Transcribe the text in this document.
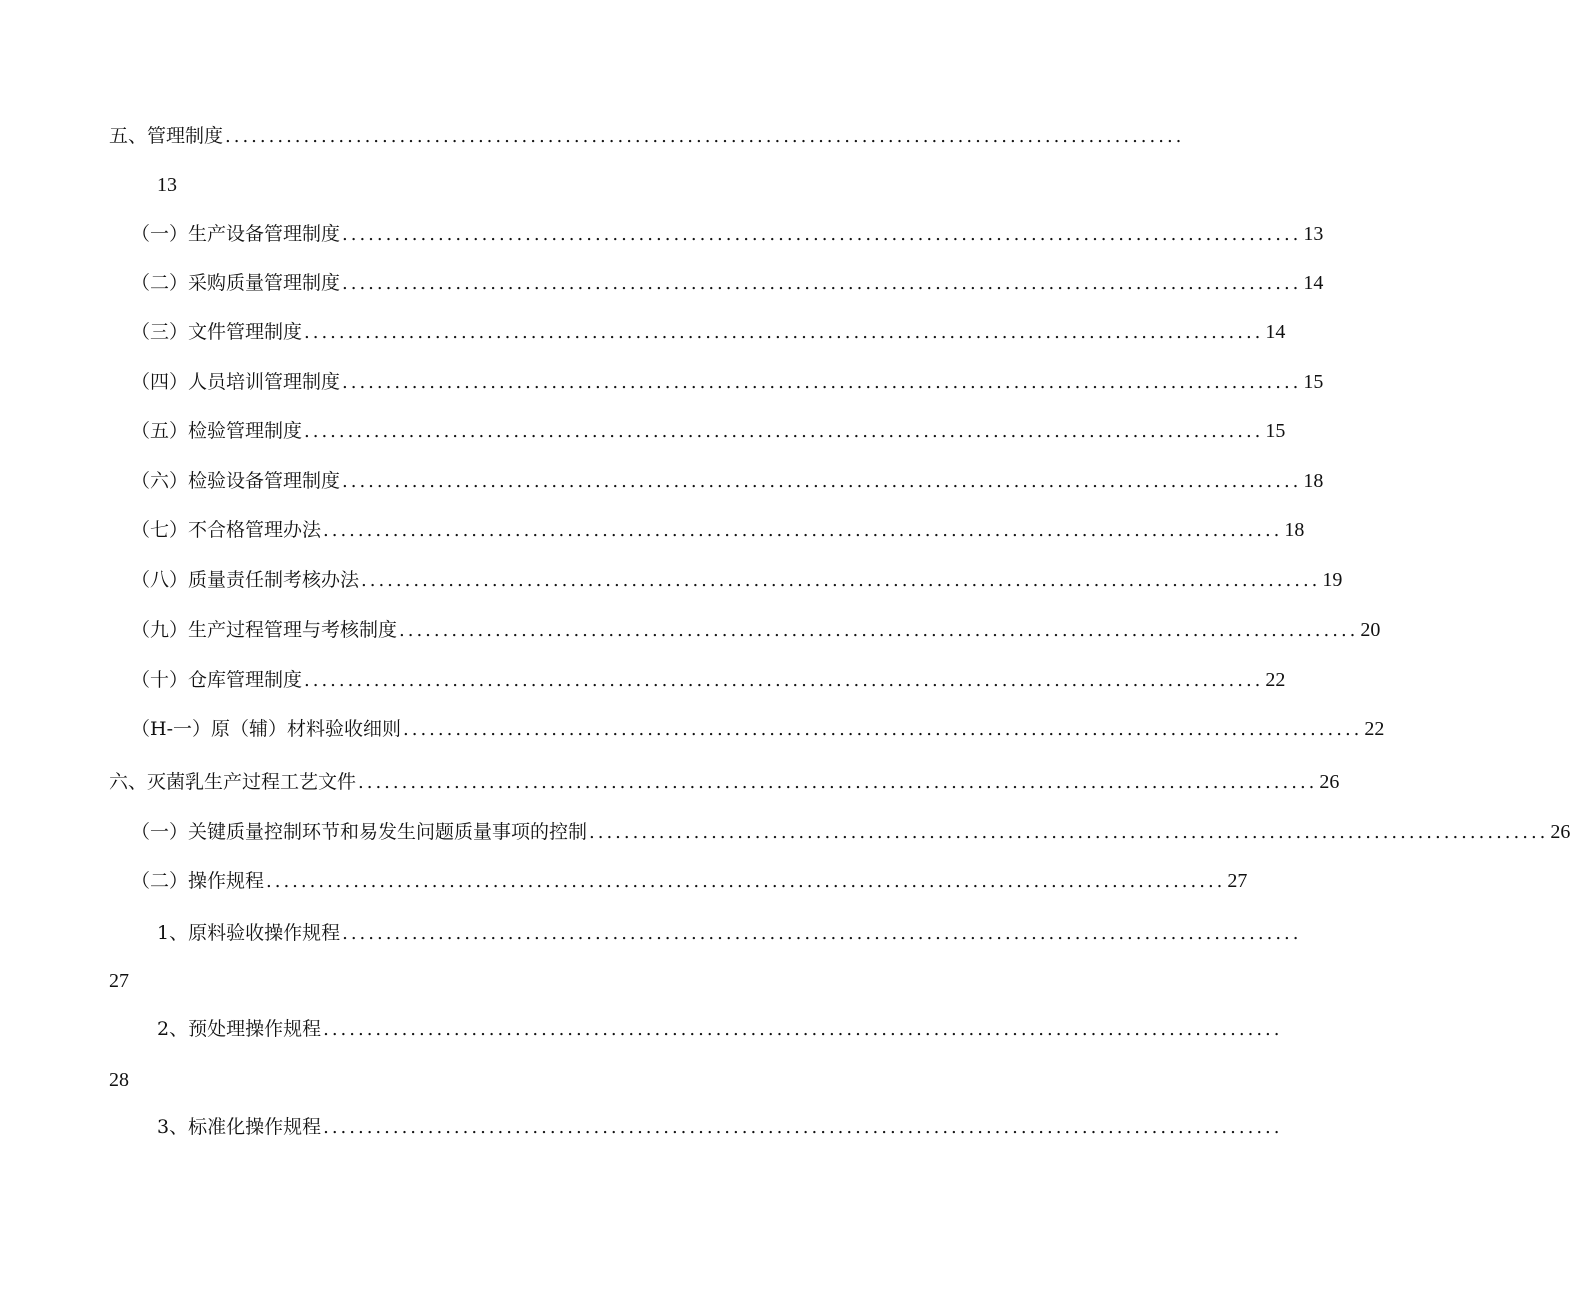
五、管理制度 ..............................................................................................................
13
（一）生产设备管理制度 .............................................................................................................. 13
（二）采购质量管理制度 .............................................................................................................. 14
（三）文件管理制度 .............................................................................................................. 14
（四）人员培训管理制度 .............................................................................................................. 15
（五）检验管理制度 .............................................................................................................. 15
（六）检验设备管理制度 .............................................................................................................. 18
（七）不合格管理办法 .............................................................................................................. 18
（八）质量责任制考核办法 .............................................................................................................. 19
（九）生产过程管理与考核制度 .............................................................................................................. 20
（十）仓库管理制度 .............................................................................................................. 22
（H-一）原（辅）材料验收细则 .............................................................................................................. 22
六、灭菌乳生产过程工艺文件 .............................................................................................................. 26
（一）关键质量控制环节和易发生问题质量事项的控制 .............................................................................................................. 26
（二）操作规程 .............................................................................................................. 27
1、原料验收操作规程 ..............................................................................................................
27
2、预处理操作规程 ..............................................................................................................
28
3、标准化操作规程 ..............................................................................................................
